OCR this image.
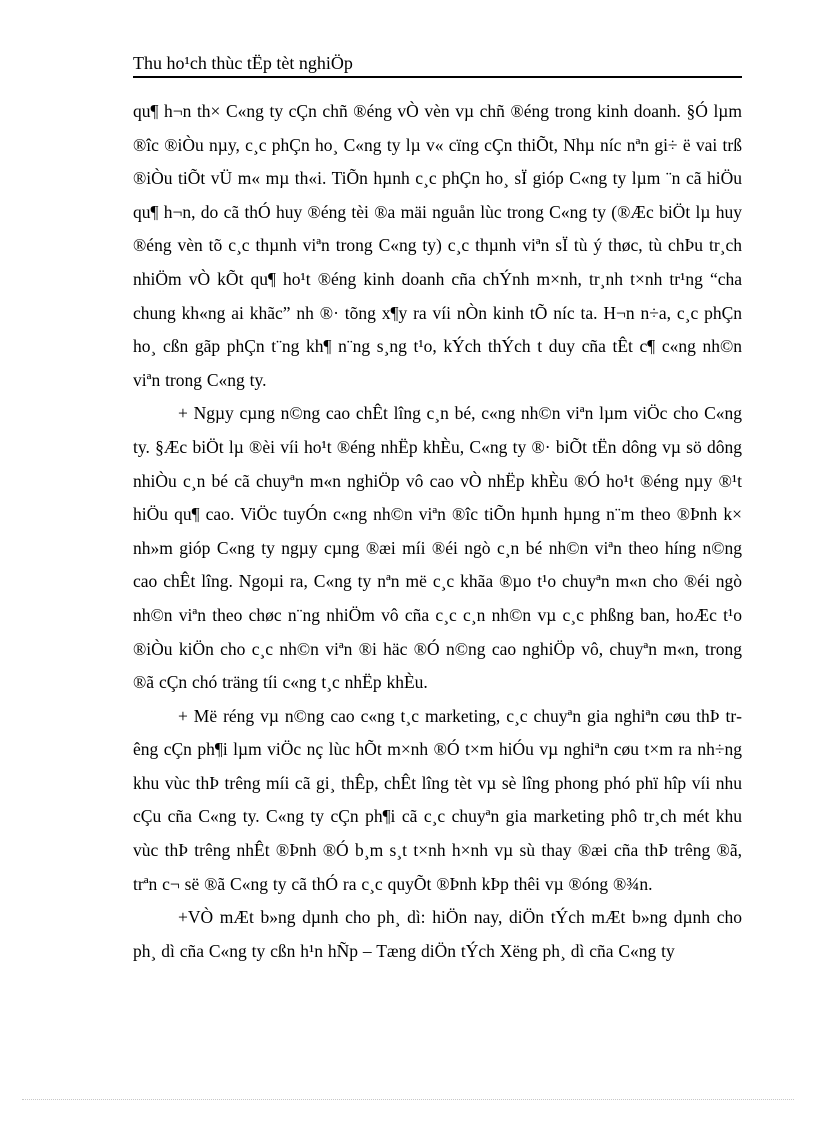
Thu ho¹ch thùc tËp tèt nghiÖp

qu¶ h¬n th× C«ng ty cÇn chñ ®éng vÒ vèn vµ chñ ®éng trong kinh doanh. §Ó lµm ®îc ®iÒu nµy, c¸c phÇn ho¸ C«ng ty lµ v« cïng cÇn thiÕt, Nhµ níc nªn gi÷ ë vai trß ®iÒu tiÕt vÜ m« mµ th«i. TiÕn hµnh c¸c phÇn ho¸ sÏ gióp C«ng ty lµm ¨n cã hiÖu qu¶ h¬n, do cã thÓ huy ®éng tèi ®a mäi nguån lùc trong C«ng ty (®Æc biÖt lµ huy ®éng vèn tõ c¸c thµnh viªn trong C«ng ty) c¸c thµnh viªn sÏ tù ý thøc, tù chÞu tr¸ch nhiÖm vÒ kÕt qu¶ ho¹t ®éng kinh doanh cña chÝnh m×nh, tr¸nh t×nh tr¹ng “cha chung kh«ng ai khãc” nh ®· tõng x¶y ra víi nÒn kinh tÕ níc ta. H¬n n÷a, c¸c phÇn ho¸ cßn gãp phÇn t¨ng kh¶ n¨ng s¸ng t¹o, kÝch thÝch t duy cña tÊt c¶ c«ng nh©n viªn trong C«ng ty.

+ Ngµy cµng n©ng cao chÊt lîng c¸n bé, c«ng nh©n viªn lµm viÖc cho C«ng ty. §Æc biÖt lµ ®èi víi ho¹t ®éng nhËp khÈu, C«ng ty ®· biÕt tËn dông vµ sö dông nhiÒu c¸n bé cã chuyªn m«n nghiÖp vô cao vÒ nhËp khÈu ®Ó ho¹t ®éng nµy ®¹t hiÖu qu¶ cao. ViÖc tuyÓn c«ng nh©n viªn ®îc tiÕn hµnh hµng n¨m theo ®Þnh k× nh»m gióp C«ng ty ngµy cµng ®æi míi ®éi ngò c¸n bé nh©n viªn theo híng n©ng cao chÊt lîng. Ngoµi ra, C«ng ty nªn më c¸c khãa ®µo t¹o chuyªn m«n cho ®éi ngò nh©n viªn theo chøc n¨ng nhiÖm vô cña c¸c c¸n nh©n vµ c¸c phßng ban, hoÆc t¹o ®iÒu kiÖn cho c¸c nh©n viªn ®i häc ®Ó n©ng cao nghiÖp vô, chuyªn m«n, trong ®ã cÇn chó träng tíi c«ng t¸c nhËp khÈu.

+ Më réng vµ n©ng cao c«ng t¸c marketing, c¸c chuyªn gia nghiªn cøu thÞ trêng cÇn ph¶i lµm viÖc nç lùc hÕt m×nh ®Ó t×m hiÓu vµ nghiªn cøu t×m ra nh÷ng khu vùc thÞ trêng míi cã gi¸ thÊp, chÊt lîng tèt vµ sè lîng phong phó phï hîp víi nhu cÇu cña C«ng ty. C«ng ty cÇn ph¶i cã c¸c chuyªn gia marketing phô tr¸ch mét khu vùc thÞ trêng nhÊt ®Þnh ®Ó b¸m s¸t t×nh h×nh vµ sù thay ®æi cña thÞ trêng ®ã, trªn c¬ së ®ã C«ng ty cã thÓ ra c¸c quyÕt ®Þnh kÞp thêi vµ ®óng ®¾n.

+VÒ mÆt b»ng dµnh cho ph¸ dì: hiÖn nay, diÖn tÝch mÆt b»ng dµnh cho ph¸ dì cña C«ng ty cßn h¹n hÑp – Tæng diÖn tÝch Xëng ph¸ dì cña C«ng ty
